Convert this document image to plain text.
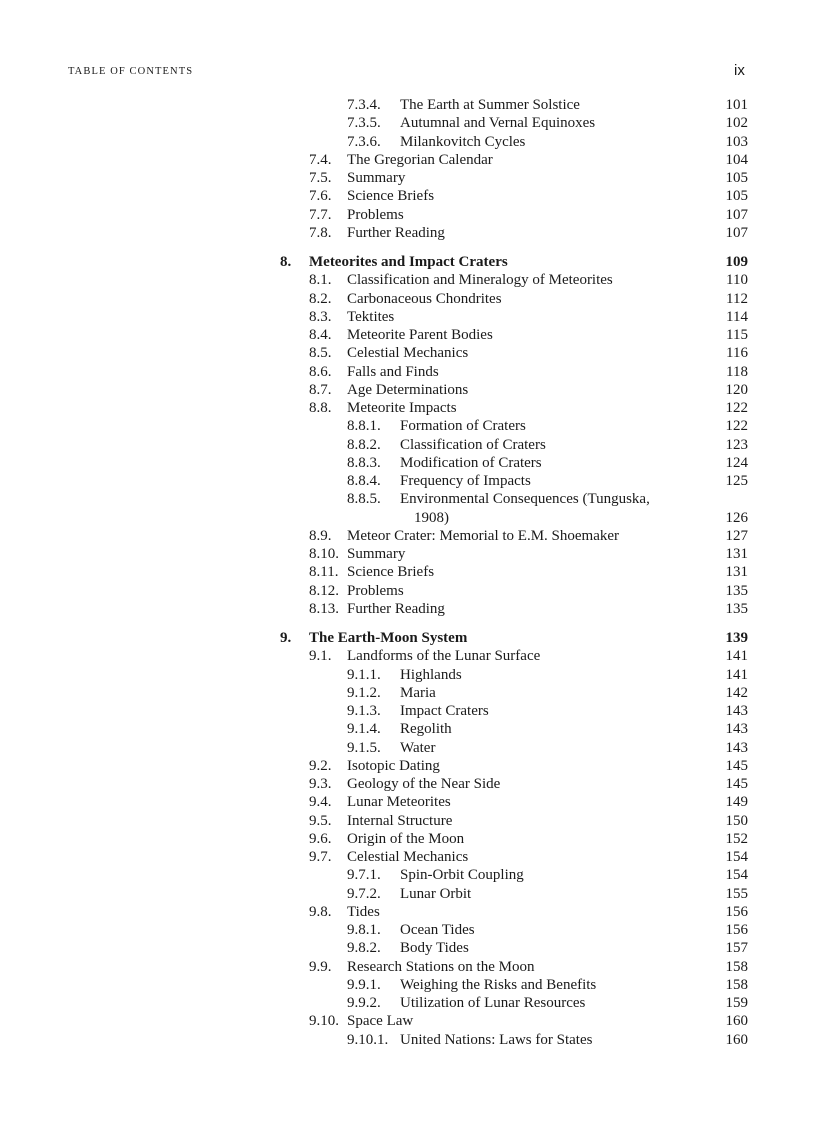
TABLE OF CONTENTS	ix
7.3.4. The Earth at Summer Solstice	101
7.3.5. Autumnal and Vernal Equinoxes	102
7.3.6. Milankovitch Cycles	103
7.4. The Gregorian Calendar	104
7.5. Summary	105
7.6. Science Briefs	105
7.7. Problems	107
7.8. Further Reading	107
8. Meteorites and Impact Craters	109
8.1. Classification and Mineralogy of Meteorites	110
8.2. Carbonaceous Chondrites	112
8.3. Tektites	114
8.4. Meteorite Parent Bodies	115
8.5. Celestial Mechanics	116
8.6. Falls and Finds	118
8.7. Age Determinations	120
8.8. Meteorite Impacts	122
8.8.1. Formation of Craters	122
8.8.2. Classification of Craters	123
8.8.3. Modification of Craters	124
8.8.4. Frequency of Impacts	125
8.8.5. Environmental Consequences (Tunguska,
1908)	126
8.9. Meteor Crater: Memorial to E.M. Shoemaker	127
8.10. Summary	131
8.11. Science Briefs	131
8.12. Problems	135
8.13. Further Reading	135
9. The Earth-Moon System	139
9.1. Landforms of the Lunar Surface	141
9.1.1. Highlands	141
9.1.2. Maria	142
9.1.3. Impact Craters	143
9.1.4. Regolith	143
9.1.5. Water	143
9.2. Isotopic Dating	145
9.3. Geology of the Near Side	145
9.4. Lunar Meteorites	149
9.5. Internal Structure	150
9.6. Origin of the Moon	152
9.7. Celestial Mechanics	154
9.7.1. Spin-Orbit Coupling	154
9.7.2. Lunar Orbit	155
9.8. Tides	156
9.8.1. Ocean Tides	156
9.8.2. Body Tides	157
9.9. Research Stations on the Moon	158
9.9.1. Weighing the Risks and Benefits	158
9.9.2. Utilization of Lunar Resources	159
9.10. Space Law	160
9.10.1. United Nations: Laws for States	160
